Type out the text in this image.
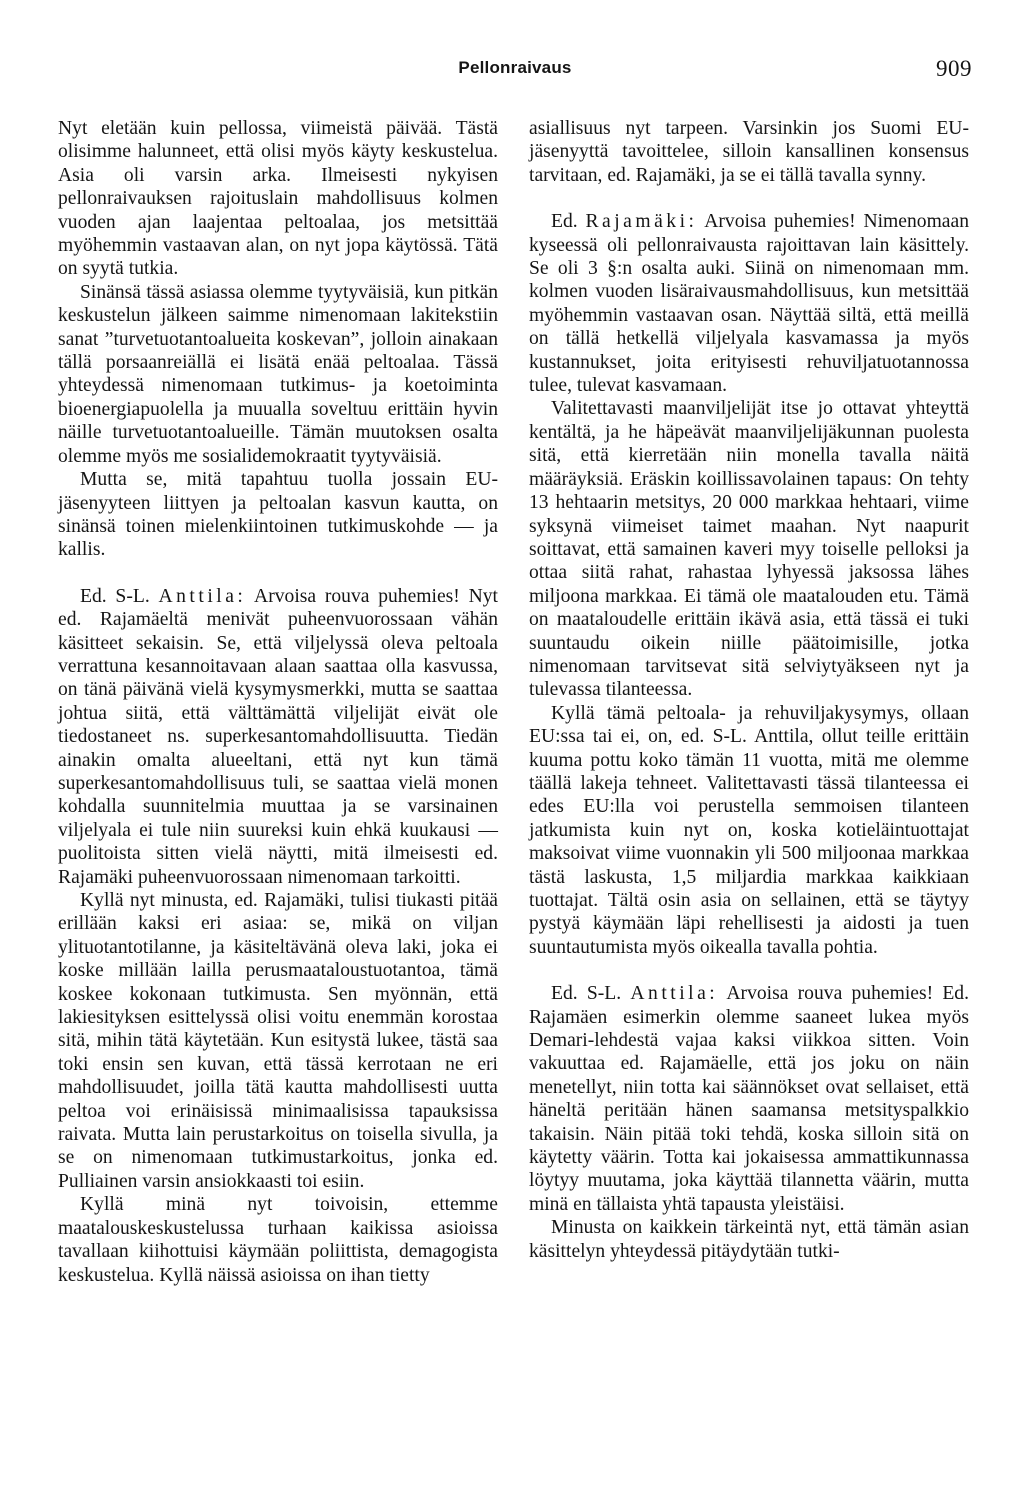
Pellonraivaus	909

Nyt eletään kuin pellossa, viimeistä päivää. Tästä olisimme halunneet, että olisi myös käyty keskustelua. Asia oli varsin arka. Ilmeisesti nykyisen pellonraivauksen rajoituslain mahdollisuus kolmen vuoden ajan laajentaa peltoalaa, jos metsittää myöhemmin vastaavan alan, on nyt jopa käytössä. Tätä on syytä tutkia.

Sinänsä tässä asiassa olemme tyytyväisiä, kun pitkän keskustelun jälkeen saimme nimenomaan lakitekstiin sanat ”turvetuotantoalueita koskevan”, jolloin ainakaan tällä porsaanreiällä ei lisätä enää peltoalaa. Tässä yhteydessä nimenomaan tutkimus- ja koetoiminta bioenergiapuolella ja muualla soveltuu erittäin hyvin näille turvetuotantoalueille. Tämän muutoksen osalta olemme myös me sosialidemokraatit tyytyväisiä.

Mutta se, mitä tapahtuu tuolla jossain EU-jäsenyyteen liittyen ja peltoalan kasvun kautta, on sinänsä toinen mielenkiintoinen tutkimuskohde — ja kallis.

Ed. S-L. Anttila: Arvoisa rouva puhemies! Nyt ed. Rajamäeltä menivät puheenvuorossaan vähän käsitteet sekaisin. Se, että viljelyssä oleva peltoala verrattuna kesannoitavaan alaan saattaa olla kasvussa, on tänä päivänä vielä kysymysmerkki, mutta se saattaa johtua siitä, että välttämättä viljelijät eivät ole tiedostaneet ns. superkesantomahdollisuutta. Tiedän ainakin omalta alueeltani, että nyt kun tämä superkesantomahdollisuus tuli, se saattaa vielä monen kohdalla suunnitelmia muuttaa ja se varsinainen viljelyala ei tule niin suureksi kuin ehkä kuukausi — puolitoista sitten vielä näytti, mitä ilmeisesti ed. Rajamäki puheenvuorossaan nimenomaan tarkoitti.

Kyllä nyt minusta, ed. Rajamäki, tulisi tiukasti pitää erillään kaksi eri asiaa: se, mikä on viljan ylituotantotilanne, ja käsiteltävänä oleva laki, joka ei koske millään lailla perusmaataloustuotantoa, tämä koskee kokonaan tutkimusta. Sen myönnän, että lakiesityksen esittelyssä olisi voitu enemmän korostaa sitä, mihin tätä käytetään. Kun esitystä lukee, tästä saa toki ensin sen kuvan, että tässä kerrotaan ne eri mahdollisuudet, joilla tätä kautta mahdollisesti uutta peltoa voi erinäisissä minimaalisissa tapauksissa raivata. Mutta lain perustarkoitus on toisella sivulla, ja se on nimenomaan tutkimustarkoitus, jonka ed. Pulliainen varsin ansiokkaasti toi esiin.

Kyllä minä nyt toivoisin, ettemme maatalouskeskustelussa turhaan kaikissa asioissa tavallaan kiihottuisi käymään poliittista, demagogista keskustelua. Kyllä näissä asioissa on ihan tietty

asiallisuus nyt tarpeen. Varsinkin jos Suomi EU-jäsenyyttä tavoittelee, silloin kansallinen konsensus tarvitaan, ed. Rajamäki, ja se ei tällä tavalla synny.

Ed. Rajamäki: Arvoisa puhemies! Nimenomaan kyseessä oli pellonraivausta rajoittavan lain käsittely. Se oli 3 §:n osalta auki. Siinä on nimenomaan mm. kolmen vuoden lisäraivausmahdollisuus, kun metsittää myöhemmin vastaavan osan. Näyttää siltä, että meillä on tällä hetkellä viljelyala kasvamassa ja myös kustannukset, joita erityisesti rehuviljatuotannossa tulee, tulevat kasvamaan.

Valitettavasti maanviljelijät itse jo ottavat yhteyttä kentältä, ja he häpeävät maanviljelijäkunnan puolesta sitä, että kierretään niin monella tavalla näitä määräyksiä. Eräskin koillissavolainen tapaus: On tehty 13 hehtaarin metsitys, 20 000 markkaa hehtaari, viime syksynä viimeiset taimet maahan. Nyt naapurit soittavat, että samainen kaveri myy toiselle pelloksi ja ottaa siitä rahat, rahastaa lyhyessä jaksossa lähes miljoona markkaa. Ei tämä ole maatalouden etu. Tämä on maataloudelle erittäin ikävä asia, että tässä ei tuki suuntaudu oikein niille päätoimisille, jotka nimenomaan tarvitsevat sitä selviytyäkseen nyt ja tulevassa tilanteessa.

Kyllä tämä peltoala- ja rehuviljakysymys, ollaan EU:ssa tai ei, on, ed. S-L. Anttila, ollut teille erittäin kuuma pottu koko tämän 11 vuotta, mitä me olemme täällä lakeja tehneet. Valitettavasti tässä tilanteessa ei edes EU:lla voi perustella semmoisen tilanteen jatkumista kuin nyt on, koska kotieläintuottajat maksoivat viime vuonnakin yli 500 miljoonaa markkaa tästä laskusta, 1,5 miljardia markkaa kaikkiaan tuottajat. Tältä osin asia on sellainen, että se täytyy pystyä käymään läpi rehellisesti ja aidosti ja tuen suuntautumista myös oikealla tavalla pohtia.

Ed. S-L. Anttila: Arvoisa rouva puhemies! Ed. Rajamäen esimerkin olemme saaneet lukea myös Demari-lehdestä vajaa kaksi viikkoa sitten. Voin vakuuttaa ed. Rajamäelle, että jos joku on näin menetellyt, niin totta kai säännökset ovat sellaiset, että häneltä peritään hänen saamansa metsityspalkkio takaisin. Näin pitää toki tehdä, koska silloin sitä on käytetty väärin. Totta kai jokaisessa ammattikunnassa löytyy muutama, joka käyttää tilannetta väärin, mutta minä en tällaista yhtä tapausta yleistäisi.

Minusta on kaikkein tärkeintä nyt, että tämän asian käsittelyn yhteydessä pitäydytään tutki-
